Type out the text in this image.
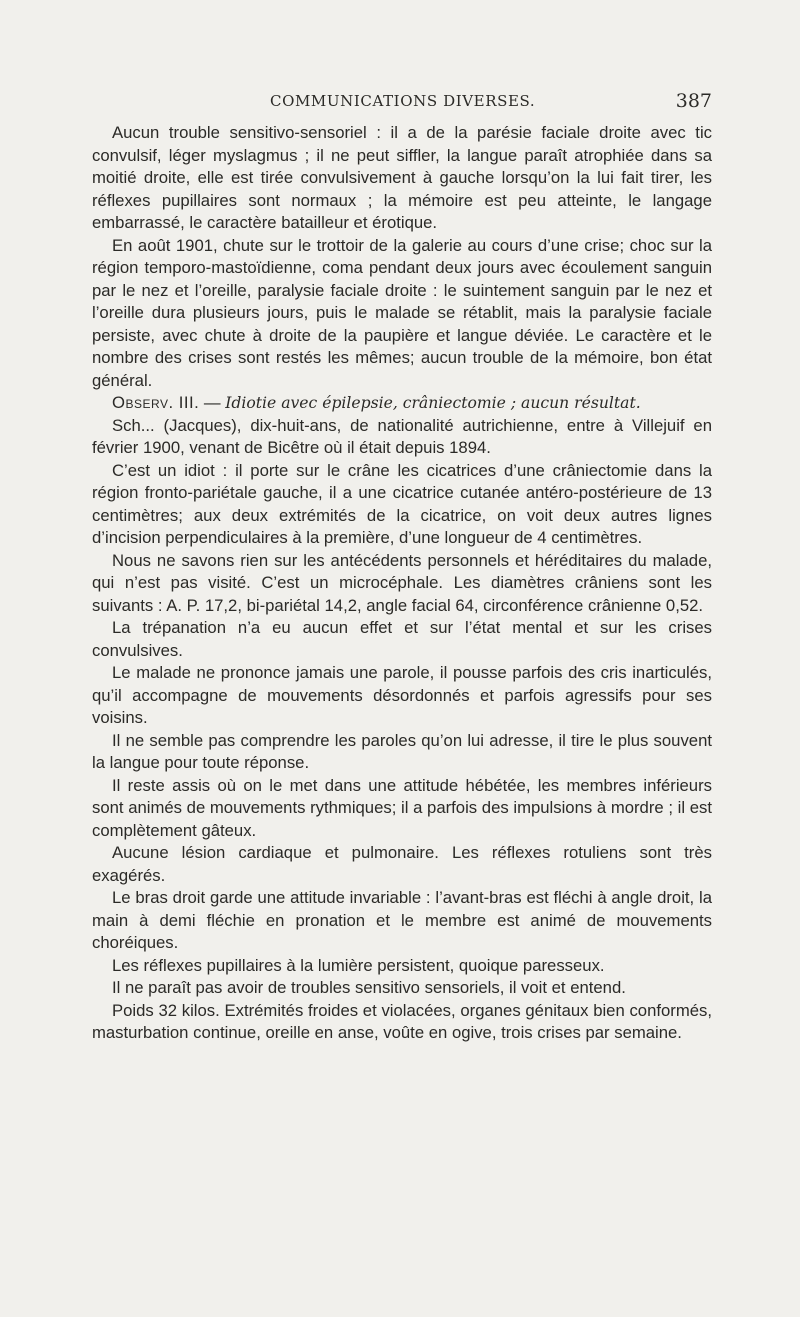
COMMUNICATIONS DIVERSES.	387

Aucun trouble sensitivo-sensoriel : il a de la parésie faciale droite avec tic convulsif, léger myslagmus ; il ne peut siffler, la langue paraît atrophiée dans sa moitié droite, elle est tirée convulsivement à gauche lorsqu’on la lui fait tirer, les réflexes pupillaires sont normaux ; la mémoire est peu atteinte, le langage embarrassé, le caractère batailleur et érotique.

En août 1901, chute sur le trottoir de la galerie au cours d’une crise; choc sur la région temporo-mastoïdienne, coma pendant deux jours avec écoulement sanguin par le nez et l’oreille, paralysie faciale droite : le suintement sanguin par le nez et l’oreille dura plusieurs jours, puis le malade se rétablit, mais la paralysie faciale persiste, avec chute à droite de la paupière et langue déviée. Le caractère et le nombre des crises sont restés les mêmes; aucun trouble de la mémoire, bon état général.

Observ. III. — Idiotie avec épilepsie, crâniectomie ; aucun résultat.

Sch... (Jacques), dix-huit-ans, de nationalité autrichienne, entre à Villejuif en février 1900, venant de Bicêtre où il était depuis 1894.

C’est un idiot : il porte sur le crâne les cicatrices d’une crâniectomie dans la région fronto-pariétale gauche, il a une cicatrice cutanée antéro-postérieure de 13 centimètres; aux deux extrémités de la cicatrice, on voit deux autres lignes d’incision perpendiculaires à la première, d’une longueur de 4 centimètres.

Nous ne savons rien sur les antécédents personnels et héréditaires du malade, qui n’est pas visité. C’est un microcéphale. Les diamètres crâniens sont les suivants : A. P. 17,2, bi-pariétal 14,2, angle facial 64, circonférence crânienne 0,52.

La trépanation n’a eu aucun effet et sur l’état mental et sur les crises convulsives.

Le malade ne prononce jamais une parole, il pousse parfois des cris inarticulés, qu’il accompagne de mouvements désordonnés et parfois agressifs pour ses voisins.

Il ne semble pas comprendre les paroles qu’on lui adresse, il tire le plus souvent la langue pour toute réponse.

Il reste assis où on le met dans une attitude hébétée, les membres inférieurs sont animés de mouvements rythmiques; il a parfois des impulsions à mordre ; il est complètement gâteux.

Aucune lésion cardiaque et pulmonaire. Les réflexes rotuliens sont très exagérés.

Le bras droit garde une attitude invariable : l’avant-bras est fléchi à angle droit, la main à demi fléchie en pronation et le membre est animé de mouvements choréiques.

Les réflexes pupillaires à la lumière persistent, quoique paresseux.

Il ne paraît pas avoir de troubles sensitivo sensoriels, il voit et entend.

Poids 32 kilos. Extrémités froides et violacées, organes génitaux bien conformés, masturbation continue, oreille en anse, voûte en ogive, trois crises par semaine.
